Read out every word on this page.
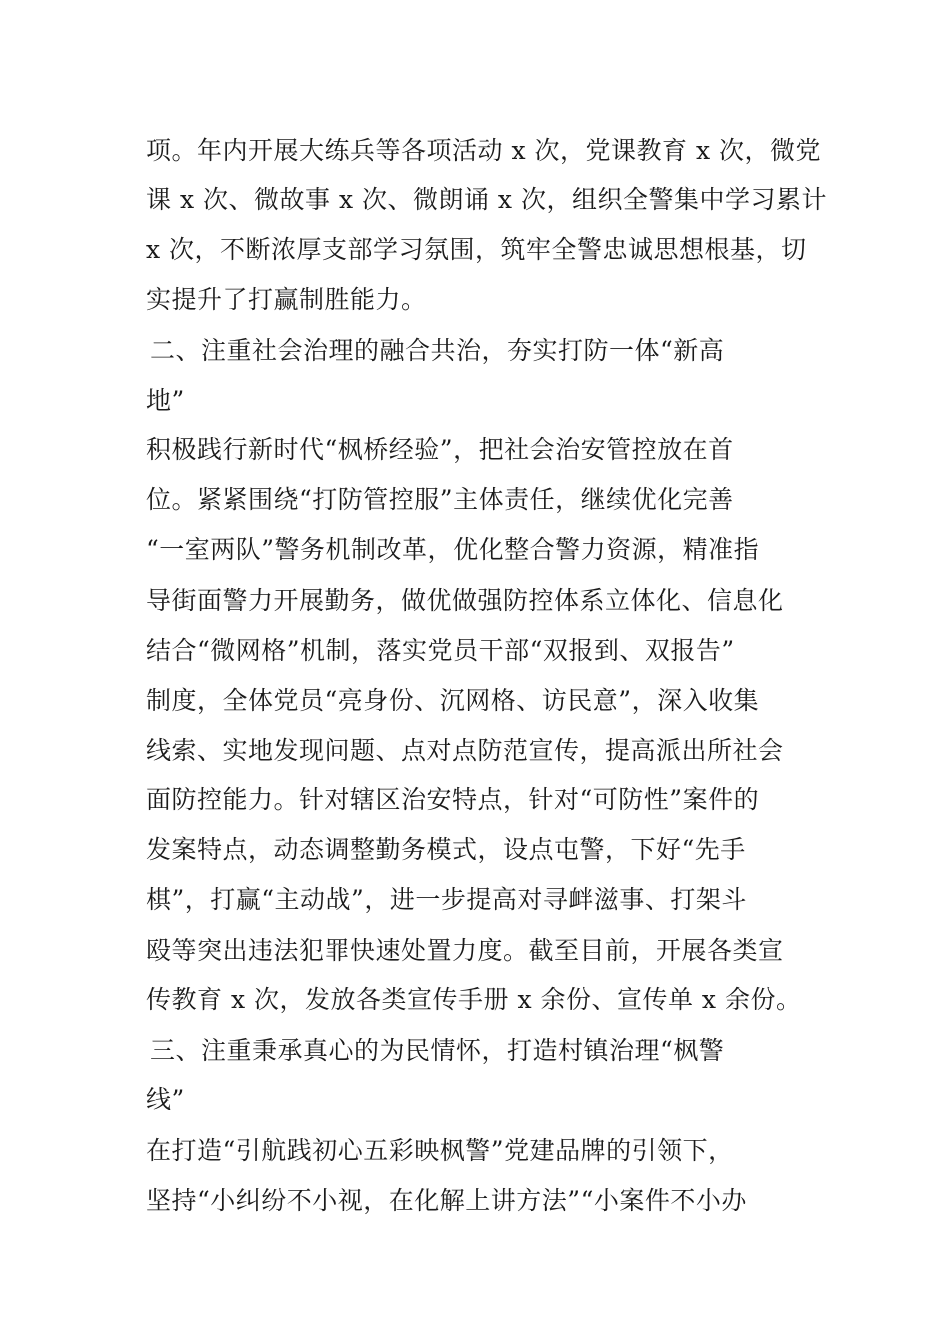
项。年内开展大练兵等各项活动 x 次，党课教育 x 次，微党
课 x 次、微故事 x 次、微朗诵 x 次，组织全警集中学习累计
x 次，不断浓厚支部学习氛围，筑牢全警忠诚思想根基，切
实提升了打赢制胜能力。
二、注重社会治理的融合共治，夯实打防一体“新高
地”
积极践行新时代“枫桥经验”，把社会治安管控放在首
位。紧紧围绕“打防管控服”主体责任，继续优化完善
“一室两队”警务机制改革，优化整合警力资源，精准指
导街面警力开展勤务，做优做强防控体系立体化、信息化
结合“微网格”机制，落实党员干部“双报到、双报告”
制度，全体党员“亮身份、沉网格、访民意”，深入收集
线索、实地发现问题、点对点防范宣传，提高派出所社会
面防控能力。针对辖区治安特点，针对“可防性”案件的
发案特点，动态调整勤务模式，设点屯警，下好“先手
棋”，打赢“主动战”，进一步提高对寻衅滋事、打架斗
殴等突出违法犯罪快速处置力度。截至目前，开展各类宣
传教育 x 次，发放各类宣传手册 x 余份、宣传单 x 余份。
三、注重秉承真心的为民情怀，打造村镇治理“枫警
线”
在打造“引航践初心五彩映枫警”党建品牌的引领下，
坚持“小纠纷不小视，在化解上讲方法”“小案件不小办
